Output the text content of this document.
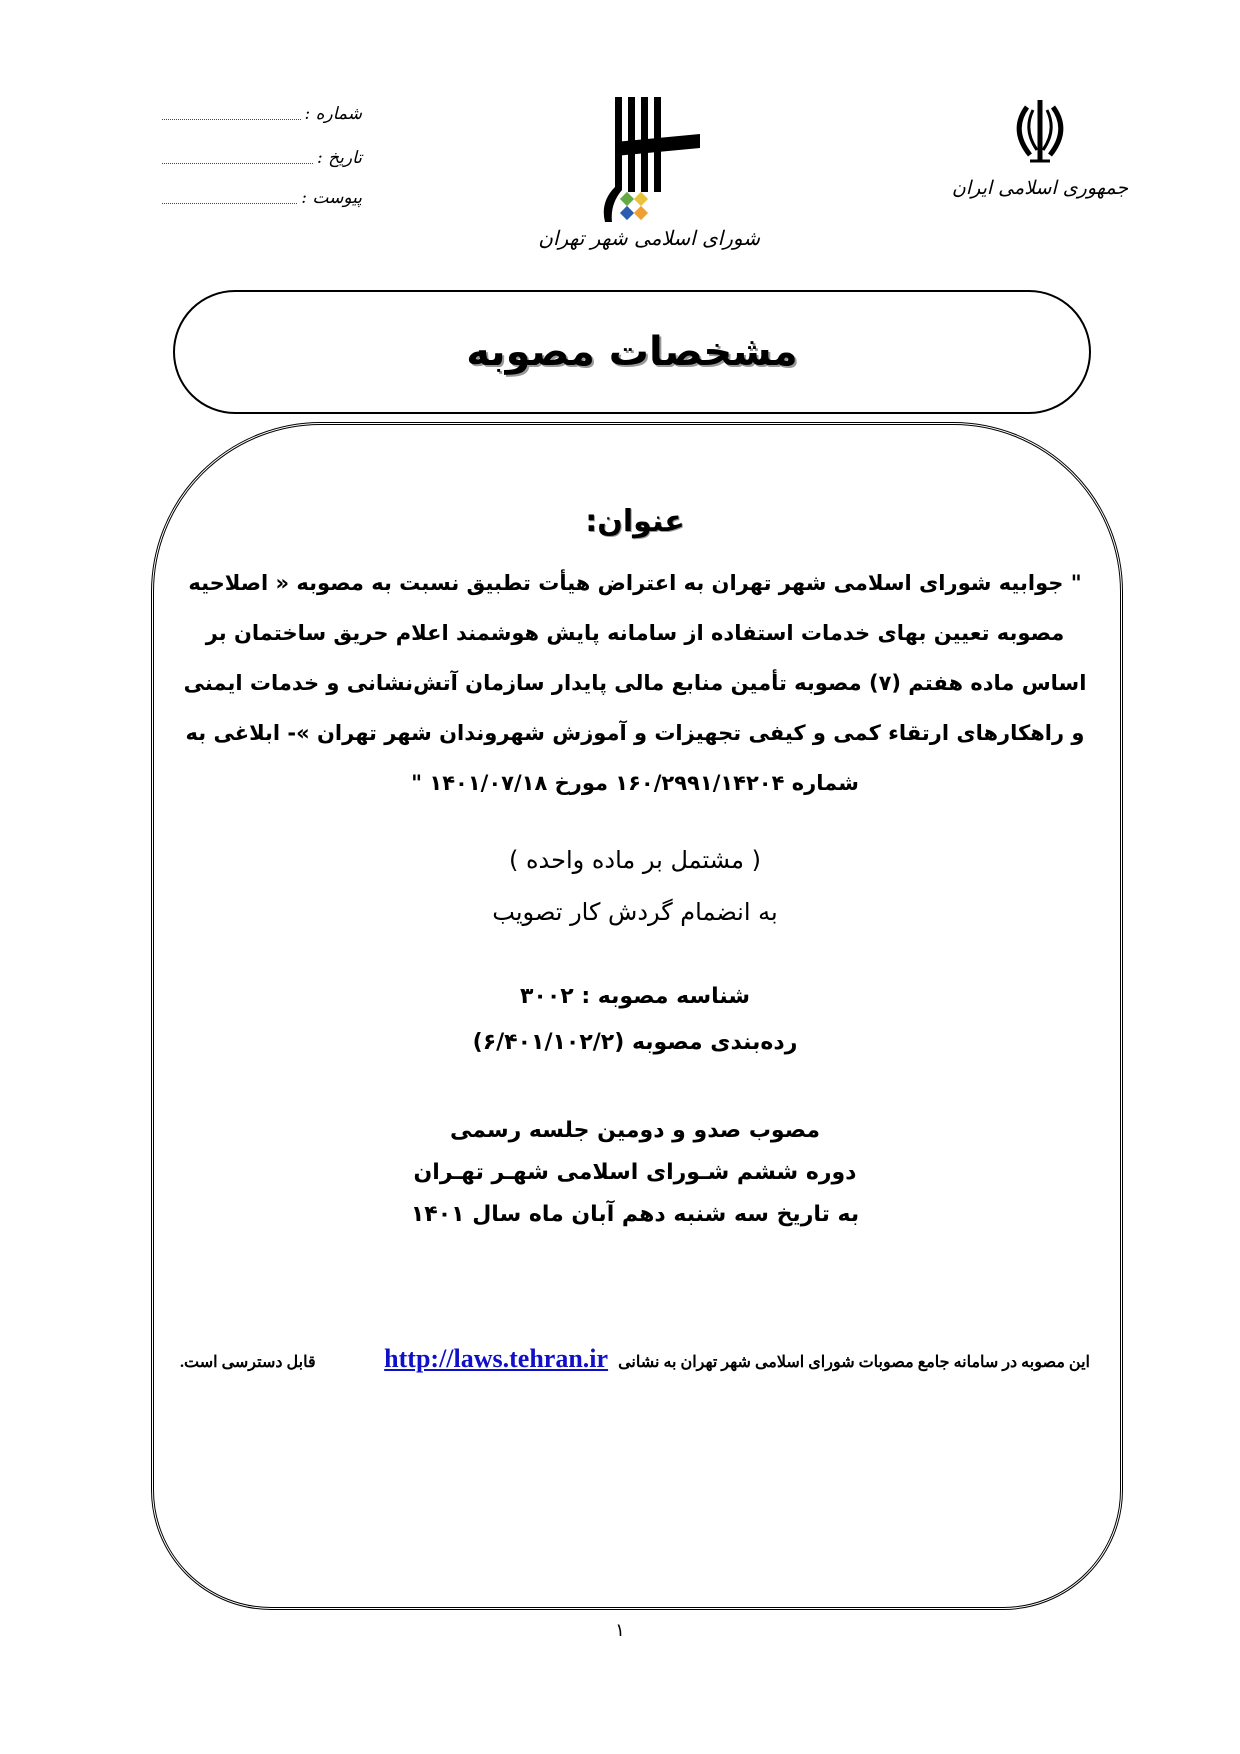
شماره :
تاریخ :
پیوست :
شورای اسلامی شهر تهران
جمهوری اسلامی ایران
مشخصات مصوبه
عنوان:
" جوابیه شورای اسلامی شهر تهران به اعتراض هیأت تطبیق نسبت به مصوبه « اصلاحیه مصوبه تعیین بهای خدمات استفاده از سامانه پایش هوشمند اعلام حریق ساختمان بر اساس ماده هفتم (۷) مصوبه تأمین منابع مالی پایدار سازمان آتش‌نشانی و خدمات ایمنی و راهکارهای ارتقاء کمی و کیفی تجهیزات و آموزش شهروندان شهر تهران »- ابلاغی به شماره ۱۶۰/۲۹۹۱/۱۴۲۰۴ مورخ ۱۴۰۱/۰۷/۱۸ "
( مشتمل بر ماده واحده )
به انضمام گردش کار تصویب
شناسه مصوبه : ۳۰۰۲
رده‌بندی مصوبه (۶/۴۰۱/۱۰۲/۲)
مصوب صدو و دومین جلسه رسمی
دوره ششم شـورای اسلامی شهـر تهـران
به تاریخ سه شنبه دهم آبان ماه سال ۱۴۰۱
این مصوبه در سامانه جامع مصوبات شورای اسلامی شهر تهران به نشانیhttp://laws.tehran.ir
قابل دسترسی است.
۱
